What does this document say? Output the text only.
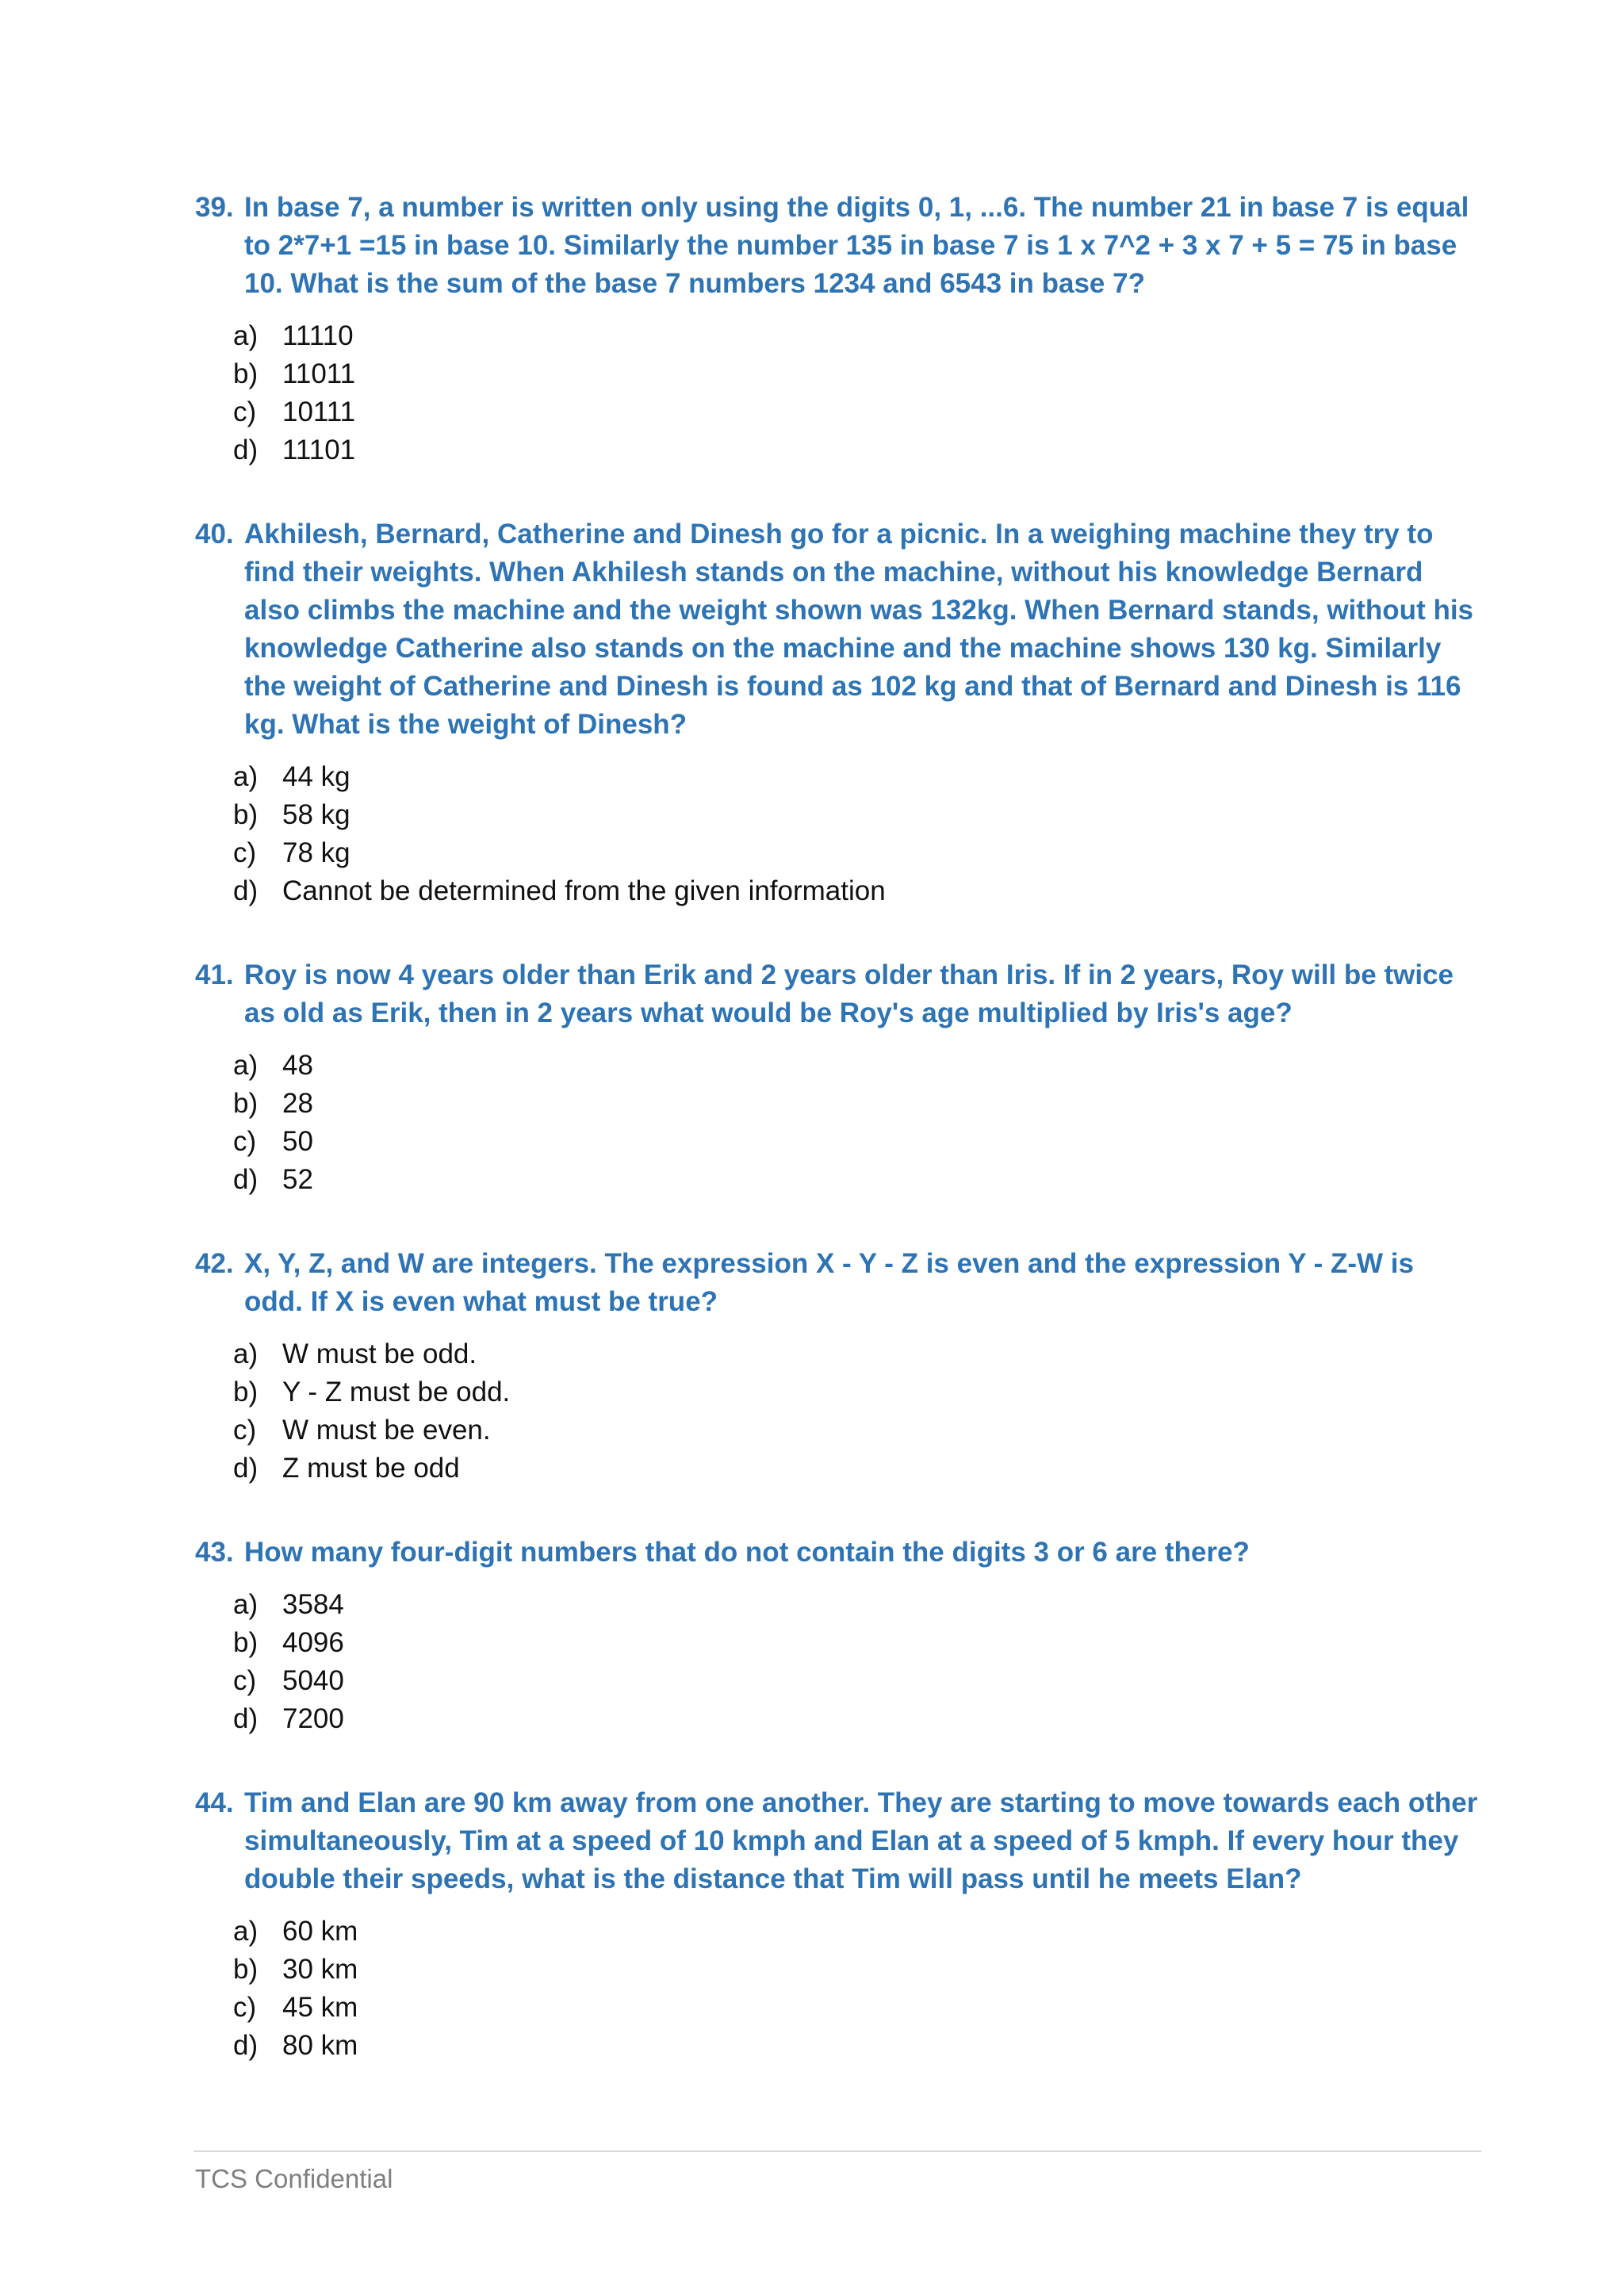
39. In base 7, a number is written only using the digits 0, 1, ...6. The number 21 in base 7 is equal to 2*7+1 =15 in base 10. Similarly the number 135 in base 7 is 1 x 7^2 + 3 x 7 + 5 = 75 in base 10. What is the sum of the base 7 numbers 1234 and 6543 in base 7?
a) 11110
b) 11011
c) 10111
d) 11101
40. Akhilesh, Bernard, Catherine and Dinesh go for a picnic. In a weighing machine they try to find their weights. When Akhilesh stands on the machine, without his knowledge Bernard also climbs the machine and the weight shown was 132kg. When Bernard stands, without his knowledge Catherine also stands on the machine and the machine shows 130 kg. Similarly the weight of Catherine and Dinesh is found as 102 kg and that of Bernard and Dinesh is 116 kg. What is the weight of Dinesh?
a) 44 kg
b) 58 kg
c) 78 kg
d) Cannot be determined from the given information
41. Roy is now 4 years older than Erik and 2 years older than Iris. If in 2 years, Roy will be twice as old as Erik, then in 2 years what would be Roy's age multiplied by Iris's age?
a) 48
b) 28
c) 50
d) 52
42. X, Y, Z, and W are integers. The expression X - Y - Z is even and the expression Y - Z-W is odd. If X is even what must be true?
a) W must be odd.
b) Y - Z must be odd.
c) W must be even.
d) Z must be odd
43. How many four-digit numbers that do not contain the digits 3 or 6 are there?
a) 3584
b) 4096
c) 5040
d) 7200
44. Tim and Elan are 90 km away from one another. They are starting to move towards each other simultaneously, Tim at a speed of 10 kmph and Elan at a speed of 5 kmph. If every hour they double their speeds, what is the distance that Tim will pass until he meets Elan?
a) 60 km
b) 30 km
c) 45 km
d) 80 km
TCS Confidential
